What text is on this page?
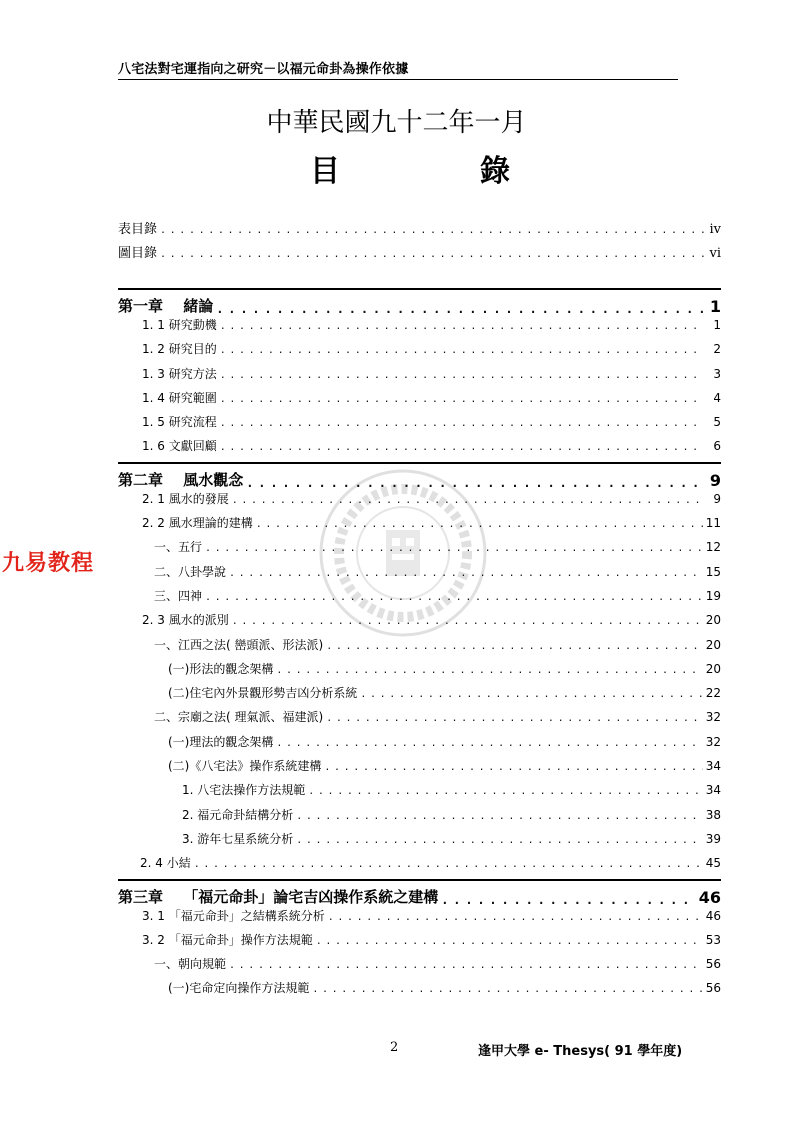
八宅法對宅運指向之研究－以福元命卦為操作依據
中華民國九十二年一月
目	錄
九易教程
表目錄 . . .	iv
圖目錄 . . .	vi
第一章　 緒論 . . .	1
1. 1 研究動機 . . .	1
1. 2 研究目的 . . .	2
1. 3 研究方法 . . .	3
1. 4 研究範圍 . . .	4
1. 5 研究流程 . . .	5
1. 6 文獻回顧 . . .	6
第二章　 風水觀念 . . .	9
2. 1 風水的發展 . . .	9
2. 2 風水理論的建構 . . .	11
一、五行 . . .	12
二、八卦學說 . . .	15
三、四神 . . .	19
2. 3 風水的派別 . . .	20
一、江西之法( 巒頭派、形法派) . . .	20
(一)形法的觀念架構 . . .	20
(二)住宅內外景觀形勢吉凶分析系統 . . .	22
二、宗廟之法( 理氣派、福建派) . . .	32
(一)理法的觀念架構 . . .	32
(二)《八宅法》操作系統建構 . . .	34
1. 八宅法操作方法規範 . . .	34
2. 福元命卦結構分析 . . .	38
3. 游年七星系統分析 . . .	39
2. 4 小結 . . .	45
第三章　 「福元命卦」論宅吉凶操作系統之建構 . . .	46
3. 1 「福元命卦」之結構系統分析 . . .	46
3. 2 「福元命卦」操作方法規範 . . .	53
一、朝向規範 . . .	56
(一)宅命定向操作方法規範 . . .	56
2	逢甲大學 e- Thesys( 91 學年度)
